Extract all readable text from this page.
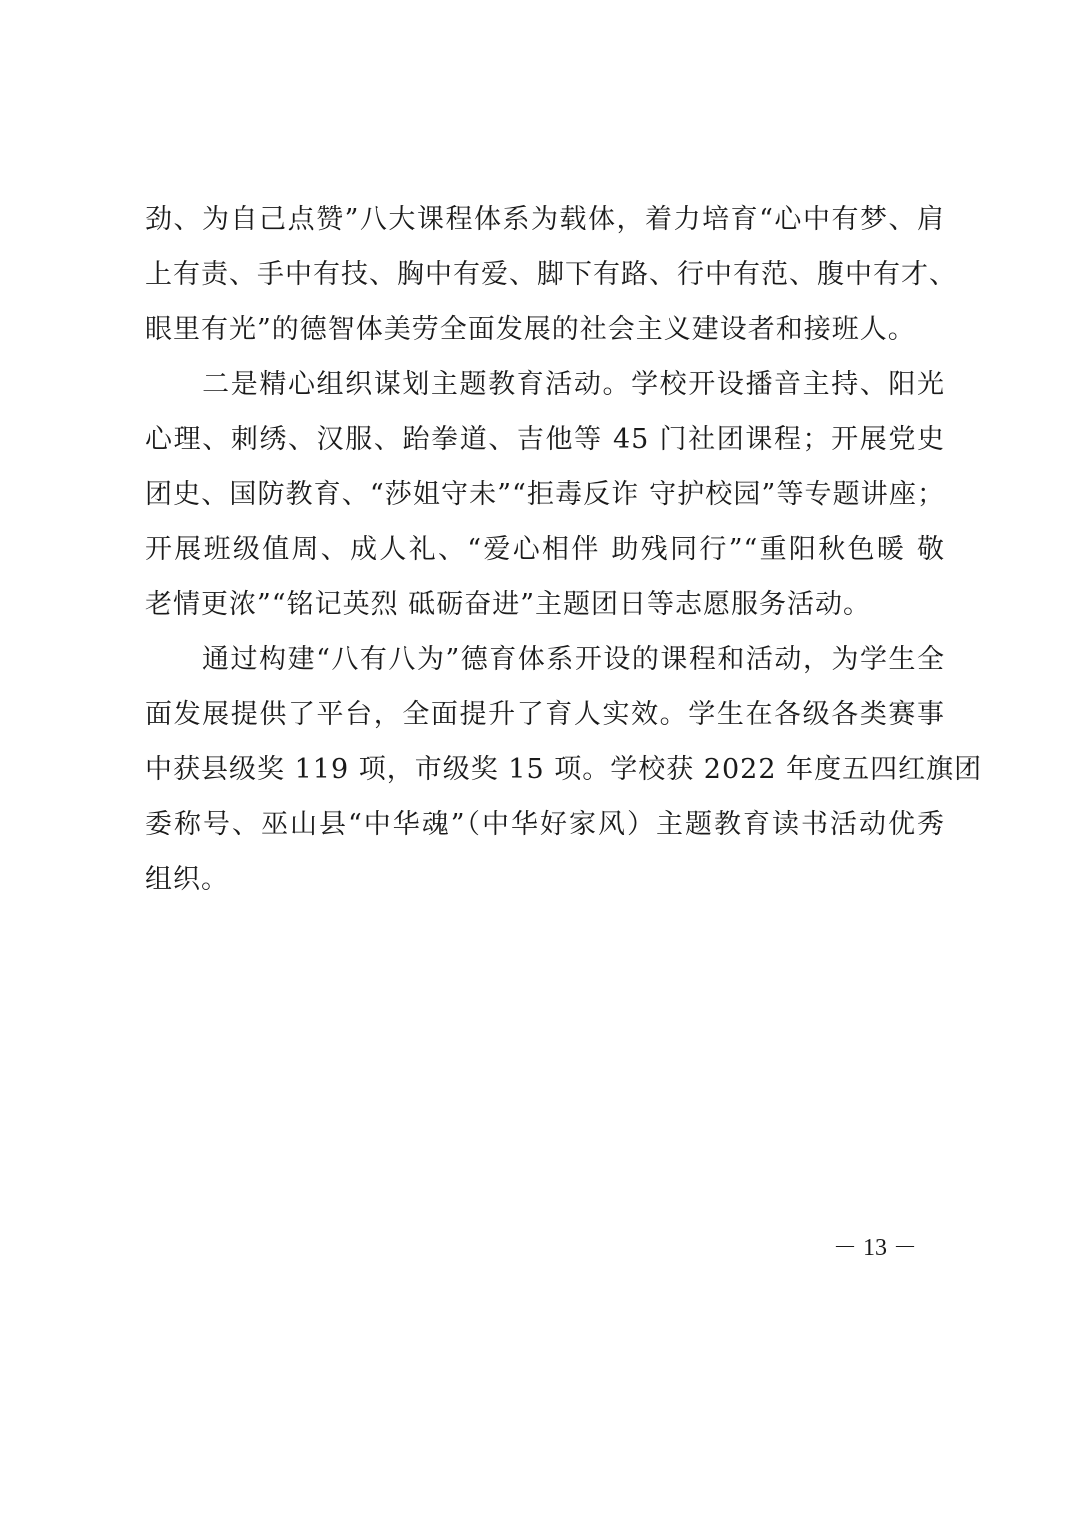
劲、为自己点赞”八大课程体系为载体，着力培育“心中有梦、肩
上有责、手中有技、胸中有爱、脚下有路、行中有范、腹中有才、
眼里有光”的德智体美劳全面发展的社会主义建设者和接班人。
　　二是精心组织谋划主题教育活动。学校开设播音主持、阳光
心理、刺绣、汉服、跆拳道、吉他等 45 门社团课程；开展党史
团史、国防教育、“莎姐守未”“拒毒反诈 守护校园”等专题讲座；
开展班级值周、成人礼、“爱心相伴 助残同行”“重阳秋色暖 敬
老情更浓”“铭记英烈 砥砺奋进”主题团日等志愿服务活动。
　　通过构建“八有八为”德育体系开设的课程和活动，为学生全
面发展提供了平台，全面提升了育人实效。学生在各级各类赛事
中获县级奖 119 项，市级奖 15 项。学校获 2022 年度五四红旗团
委称号、巫山县“中华魂”（中华好家风）主题教育读书活动优秀
组织。
－ 13 －
